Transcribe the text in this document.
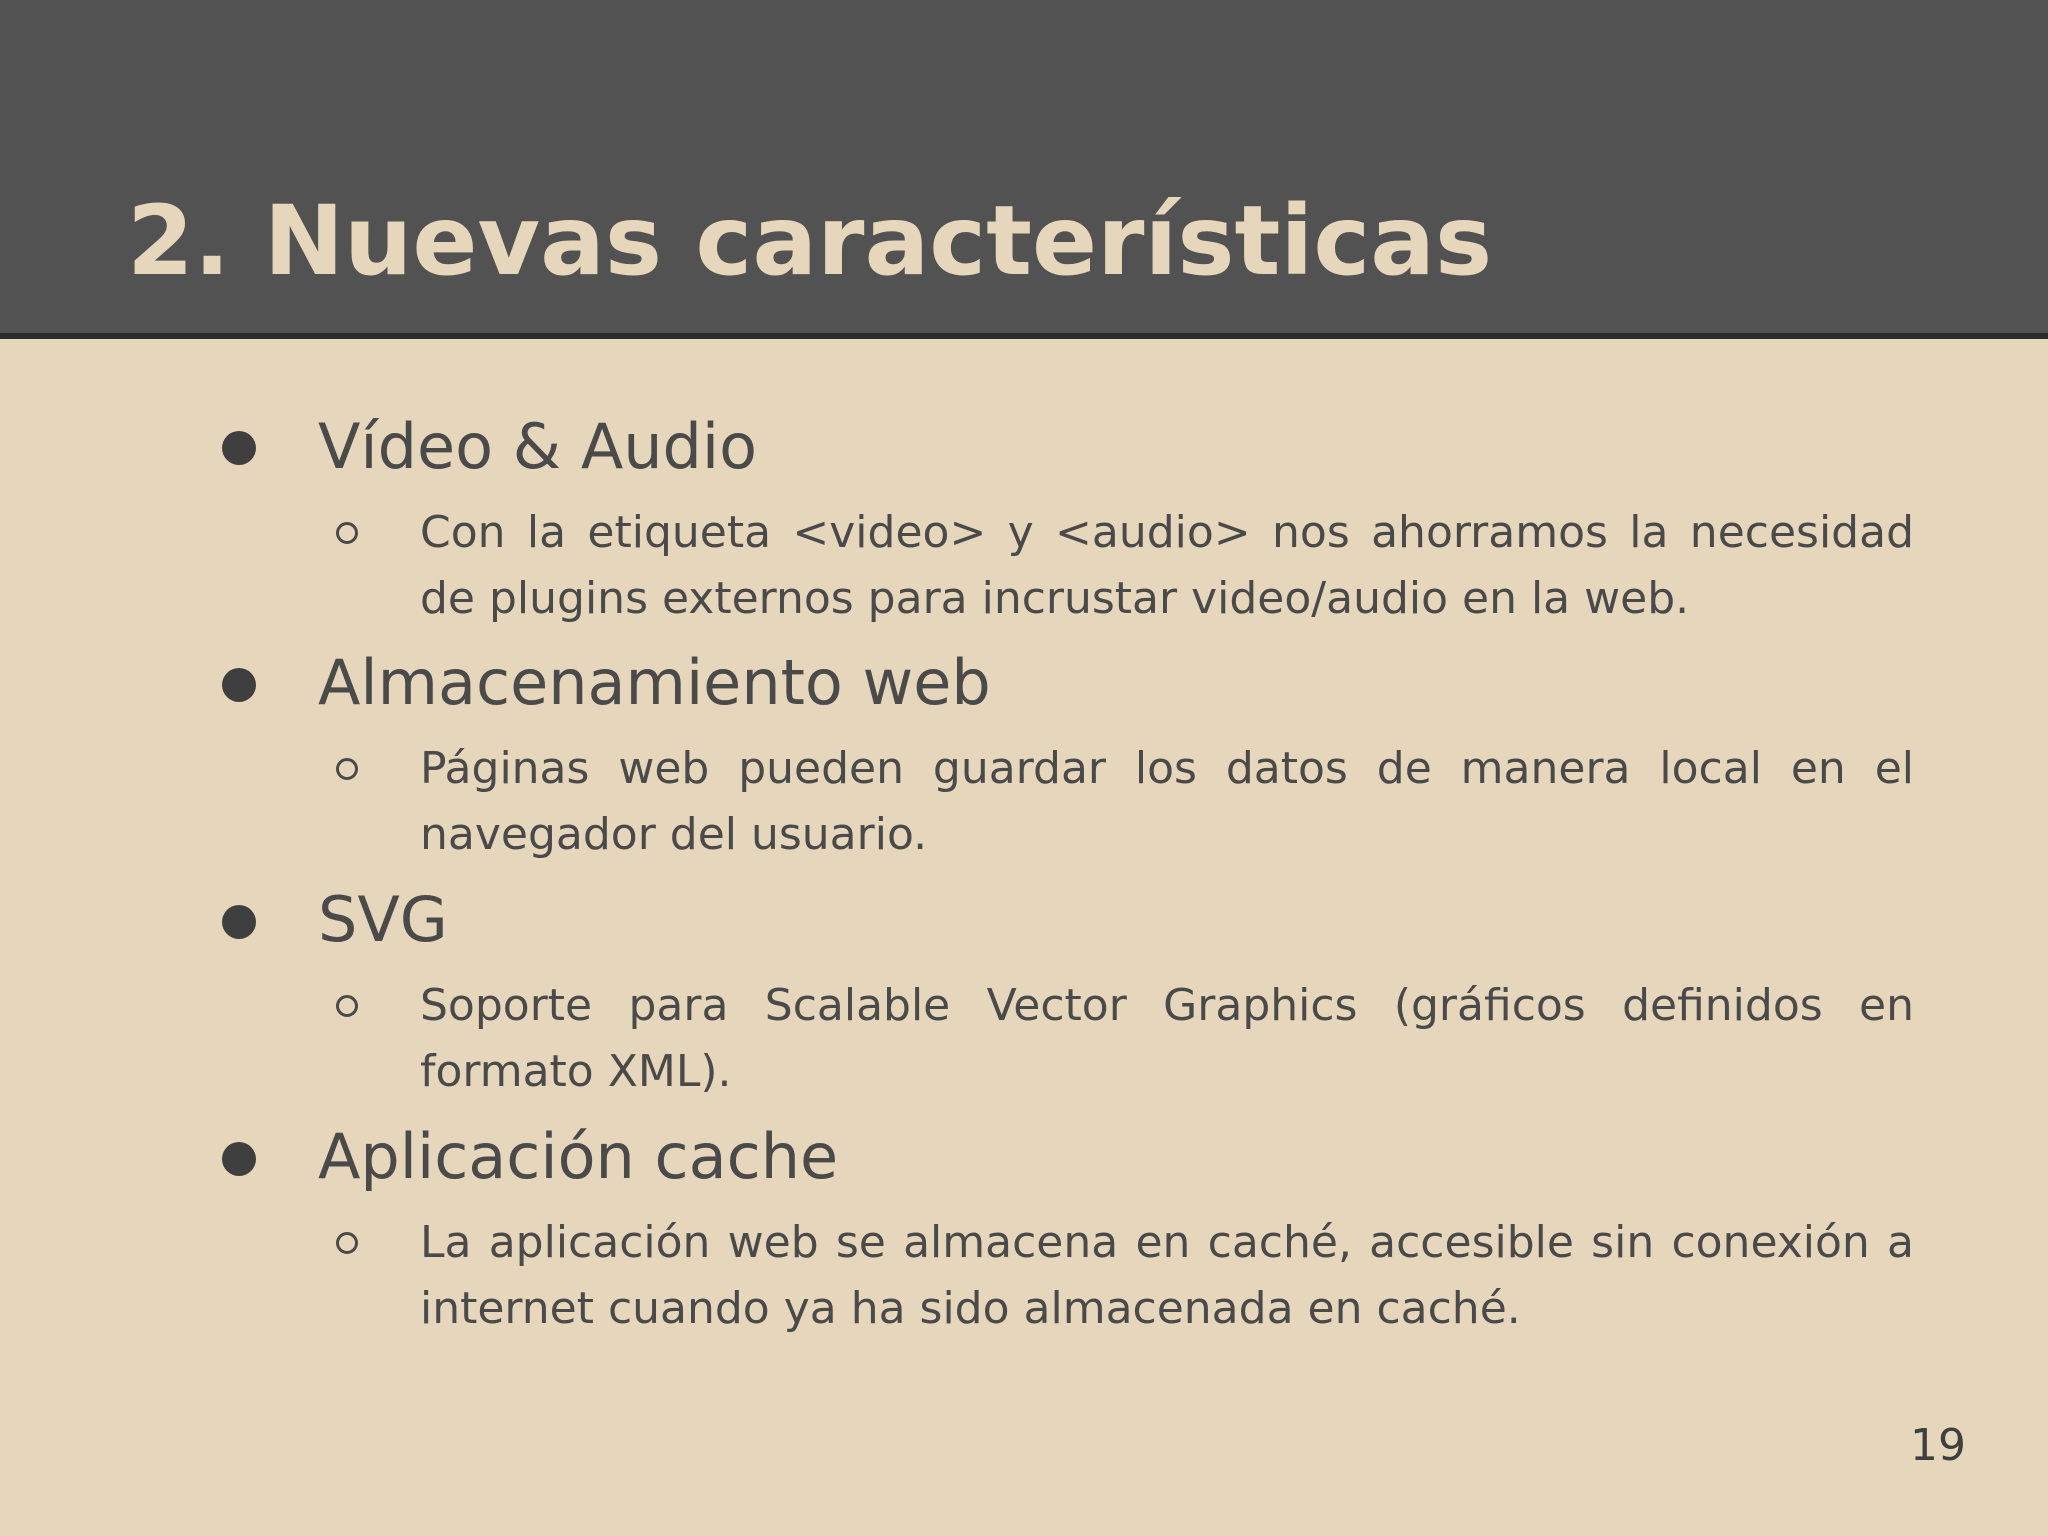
2. Nuevas características

Vídeo & Audio

Con la etiqueta <video> y <audio> nos ahorramos la necesidad de plugins externos para incrustar video/audio en la web.

Almacenamiento web

Páginas web pueden guardar los datos de manera local en el navegador del usuario.

SVG

Soporte para Scalable Vector Graphics (gráficos definidos en formato XML).

Aplicación cache

La aplicación web se almacena en caché, accesible sin conexión a internet cuando ya ha sido almacenada en caché.

19
